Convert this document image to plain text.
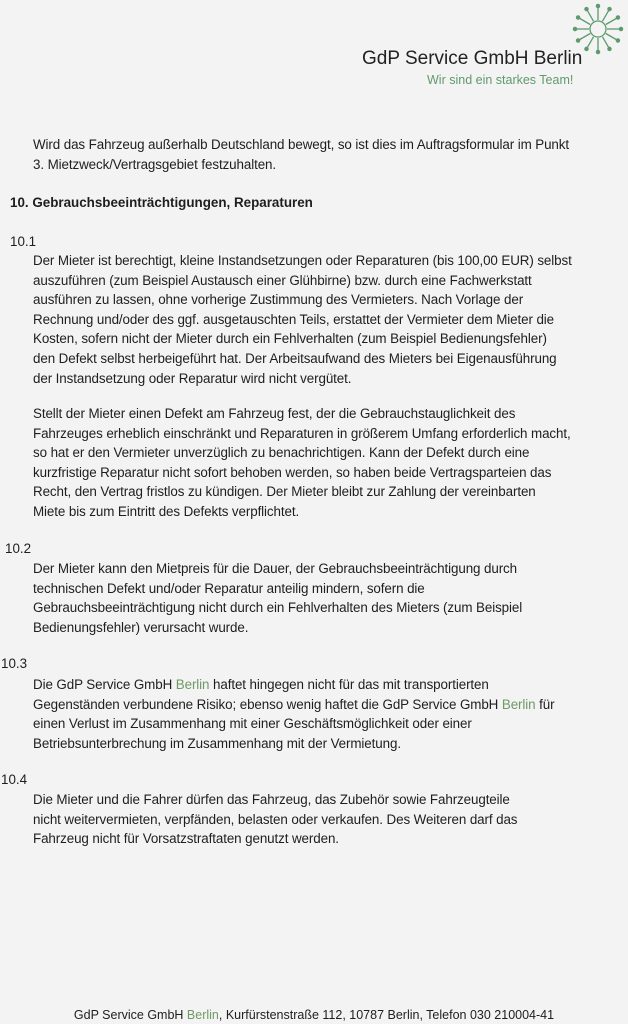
GdP Service GmbH Berlin
Wir sind ein starkes Team!
Wird das Fahrzeug außerhalb Deutschland bewegt, so ist dies im Auftragsformular im Punkt
3. Mietzweck/Vertragsgebiet festzuhalten.
10. Gebrauchsbeeinträchtigungen, Reparaturen
10.1
Der Mieter ist berechtigt, kleine Instandsetzungen oder Reparaturen (bis 100,00 EUR) selbst
auszuführen (zum Beispiel Austausch einer Glühbirne) bzw. durch eine Fachwerkstatt
ausführen zu lassen, ohne vorherige Zustimmung des Vermieters. Nach Vorlage der
Rechnung und/oder des ggf. ausgetauschten Teils, erstattet der Vermieter dem Mieter die
Kosten, sofern nicht der Mieter durch ein Fehlverhalten (zum Beispiel Bedienungsfehler)
den Defekt selbst herbeigeführt hat. Der Arbeitsaufwand des Mieters bei Eigenausführung
der Instandsetzung oder Reparatur wird nicht vergütet.
Stellt der Mieter einen Defekt am Fahrzeug fest, der die Gebrauchstauglichkeit des
Fahrzeuges erheblich einschränkt und Reparaturen in größerem Umfang erforderlich macht,
so hat er den Vermieter unverzüglich zu benachrichtigen. Kann der Defekt durch eine
kurzfristige Reparatur nicht sofort behoben werden, so haben beide Vertragsparteien das
Recht, den Vertrag fristlos zu kündigen. Der Mieter bleibt zur Zahlung der vereinbarten
Miete bis zum Eintritt des Defekts verpflichtet.
10.2
Der Mieter kann den Mietpreis für die Dauer, der Gebrauchsbeeinträchtigung durch
technischen Defekt und/oder Reparatur anteilig mindern, sofern die
Gebrauchsbeeinträchtigung nicht durch ein Fehlverhalten des Mieters (zum Beispiel
Bedienungsfehler) verursacht wurde.
10.3
Die GdP Service GmbH Berlin haftet hingegen nicht für das mit transportierten
Gegenständen verbundene Risiko; ebenso wenig haftet die GdP Service GmbH Berlin für
einen Verlust im Zusammenhang mit einer Geschäftsmöglichkeit oder einer
Betriebsunterbrechung im Zusammenhang mit der Vermietung.
10.4
Die Mieter und die Fahrer dürfen das Fahrzeug, das Zubehör sowie Fahrzeugteile
nicht weitervermieten, verpfänden, belasten oder verkaufen. Des Weiteren darf das
Fahrzeug nicht für Vorsatzstraftaten genutzt werden.
·
GdP Service GmbH Berlin, Kurfürstenstraße 112, 10787 Berlin, Telefon 030 210004-41
